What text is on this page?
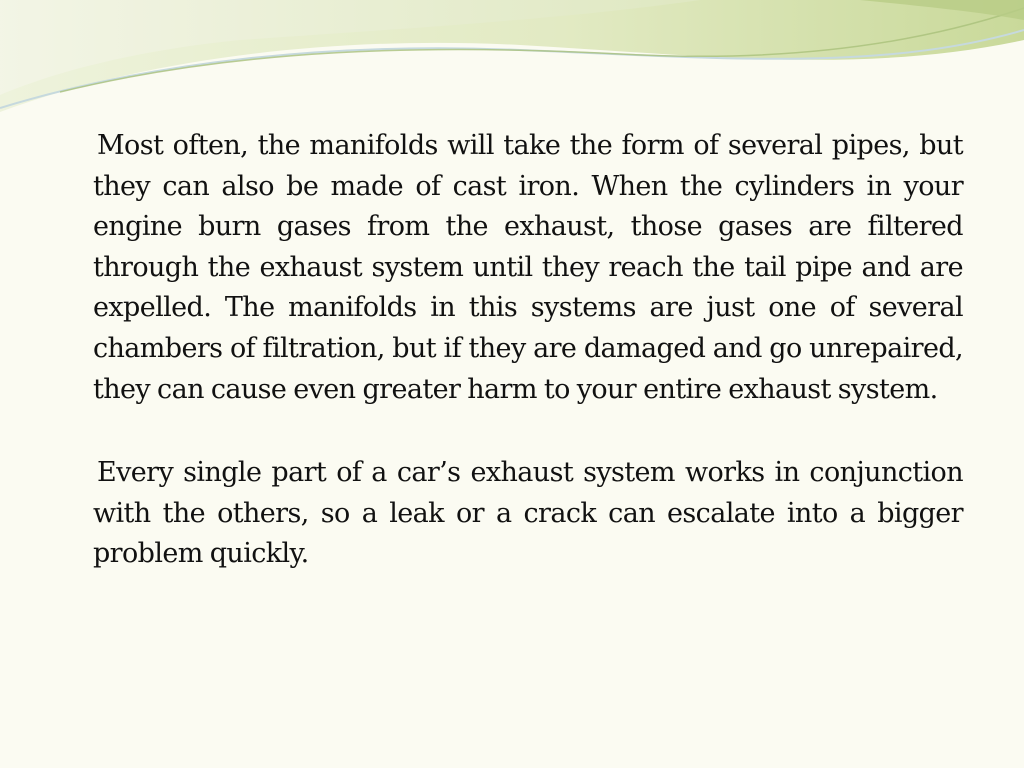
Most often, the manifolds will take the form of several pipes, but they can also be made of cast iron. When the cylinders in your engine burn gases from the exhaust, those gases are filtered through the exhaust system until they reach the tail pipe and are expelled. The manifolds in this systems are just one of several chambers of filtration, but if they are damaged and go unrepaired, they can cause even greater harm to your entire exhaust system.

Every single part of a car’s exhaust system works in conjunction with the others, so a leak or a crack can escalate into a bigger problem quickly.
